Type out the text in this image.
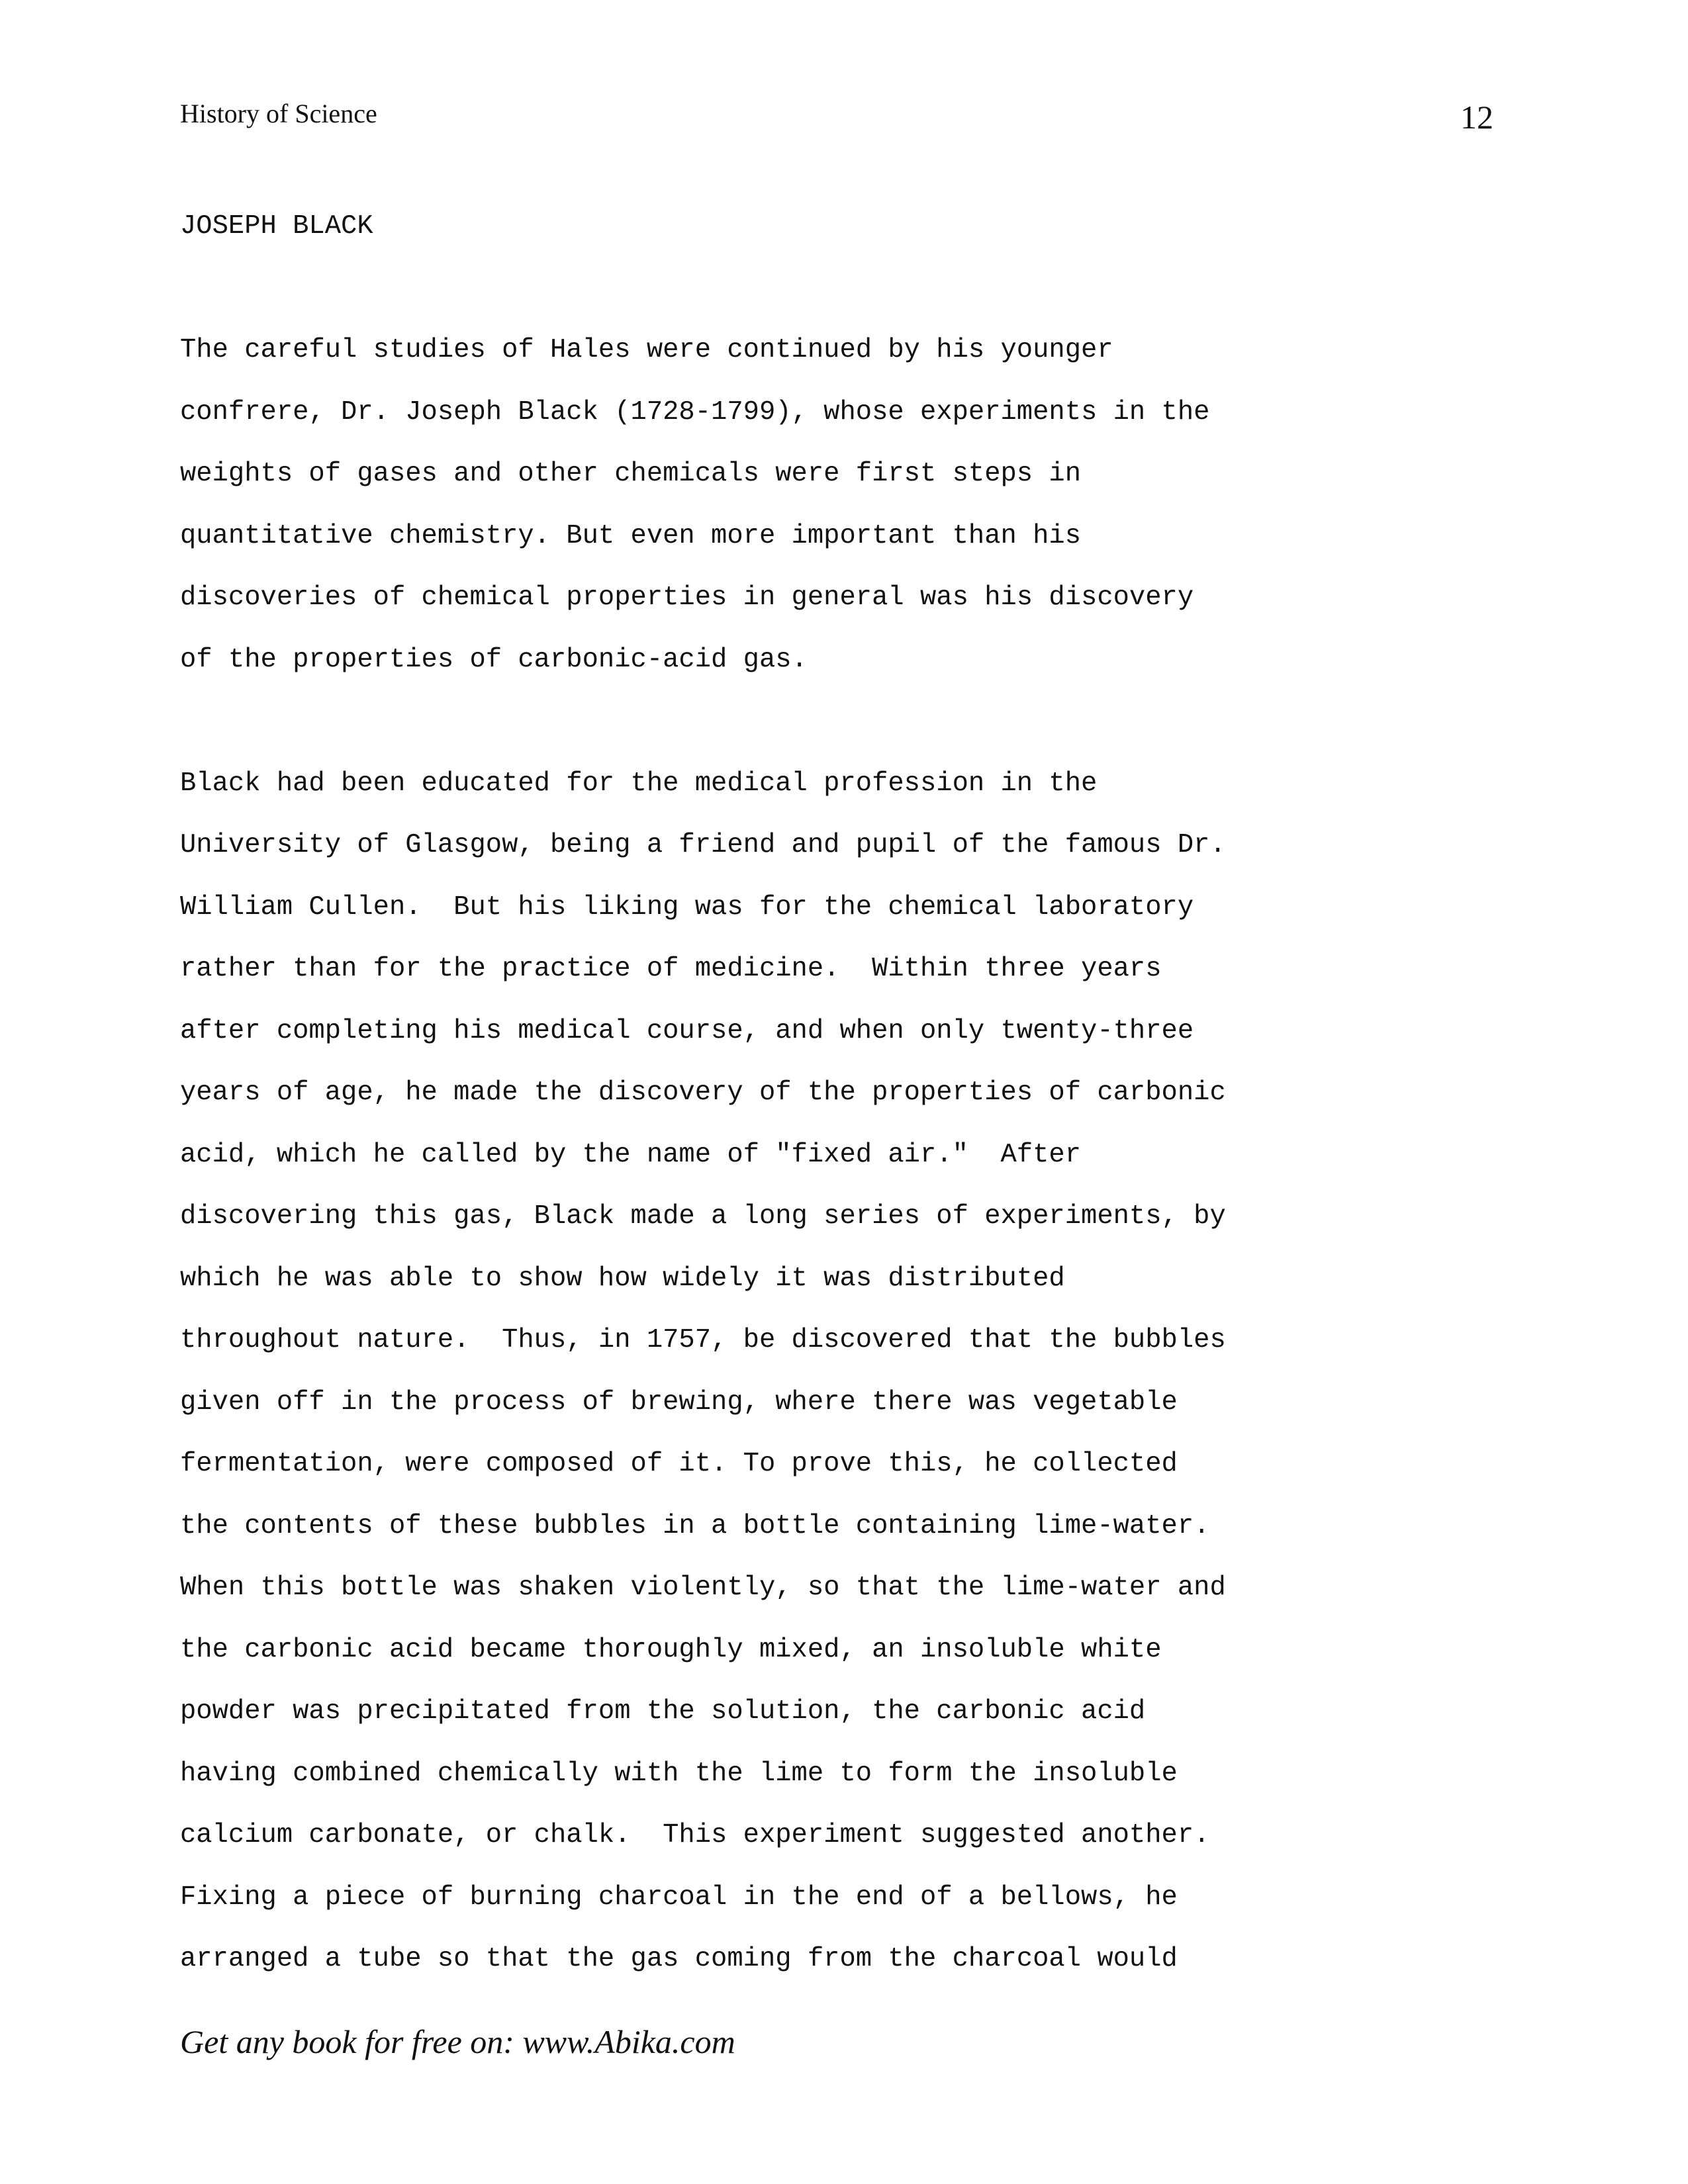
History of Science	12
JOSEPH BLACK
The careful studies of Hales were continued by his younger
confrere, Dr. Joseph Black (1728-1799), whose experiments in the
weights of gases and other chemicals were first steps in
quantitative chemistry. But even more important than his
discoveries of chemical properties in general was his discovery
of the properties of carbonic-acid gas.
Black had been educated for the medical profession in the
University of Glasgow, being a friend and pupil of the famous Dr.
William Cullen.  But his liking was for the chemical laboratory
rather than for the practice of medicine.  Within three years
after completing his medical course, and when only twenty-three
years of age, he made the discovery of the properties of carbonic
acid, which he called by the name of "fixed air."  After
discovering this gas, Black made a long series of experiments, by
which he was able to show how widely it was distributed
throughout nature.  Thus, in 1757, be discovered that the bubbles
given off in the process of brewing, where there was vegetable
fermentation, were composed of it. To prove this, he collected
the contents of these bubbles in a bottle containing lime-water.
When this bottle was shaken violently, so that the lime-water and
the carbonic acid became thoroughly mixed, an insoluble white
powder was precipitated from the solution, the carbonic acid
having combined chemically with the lime to form the insoluble
calcium carbonate, or chalk.  This experiment suggested another.
Fixing a piece of burning charcoal in the end of a bellows, he
arranged a tube so that the gas coming from the charcoal would
Get any book for free on: www.Abika.com
